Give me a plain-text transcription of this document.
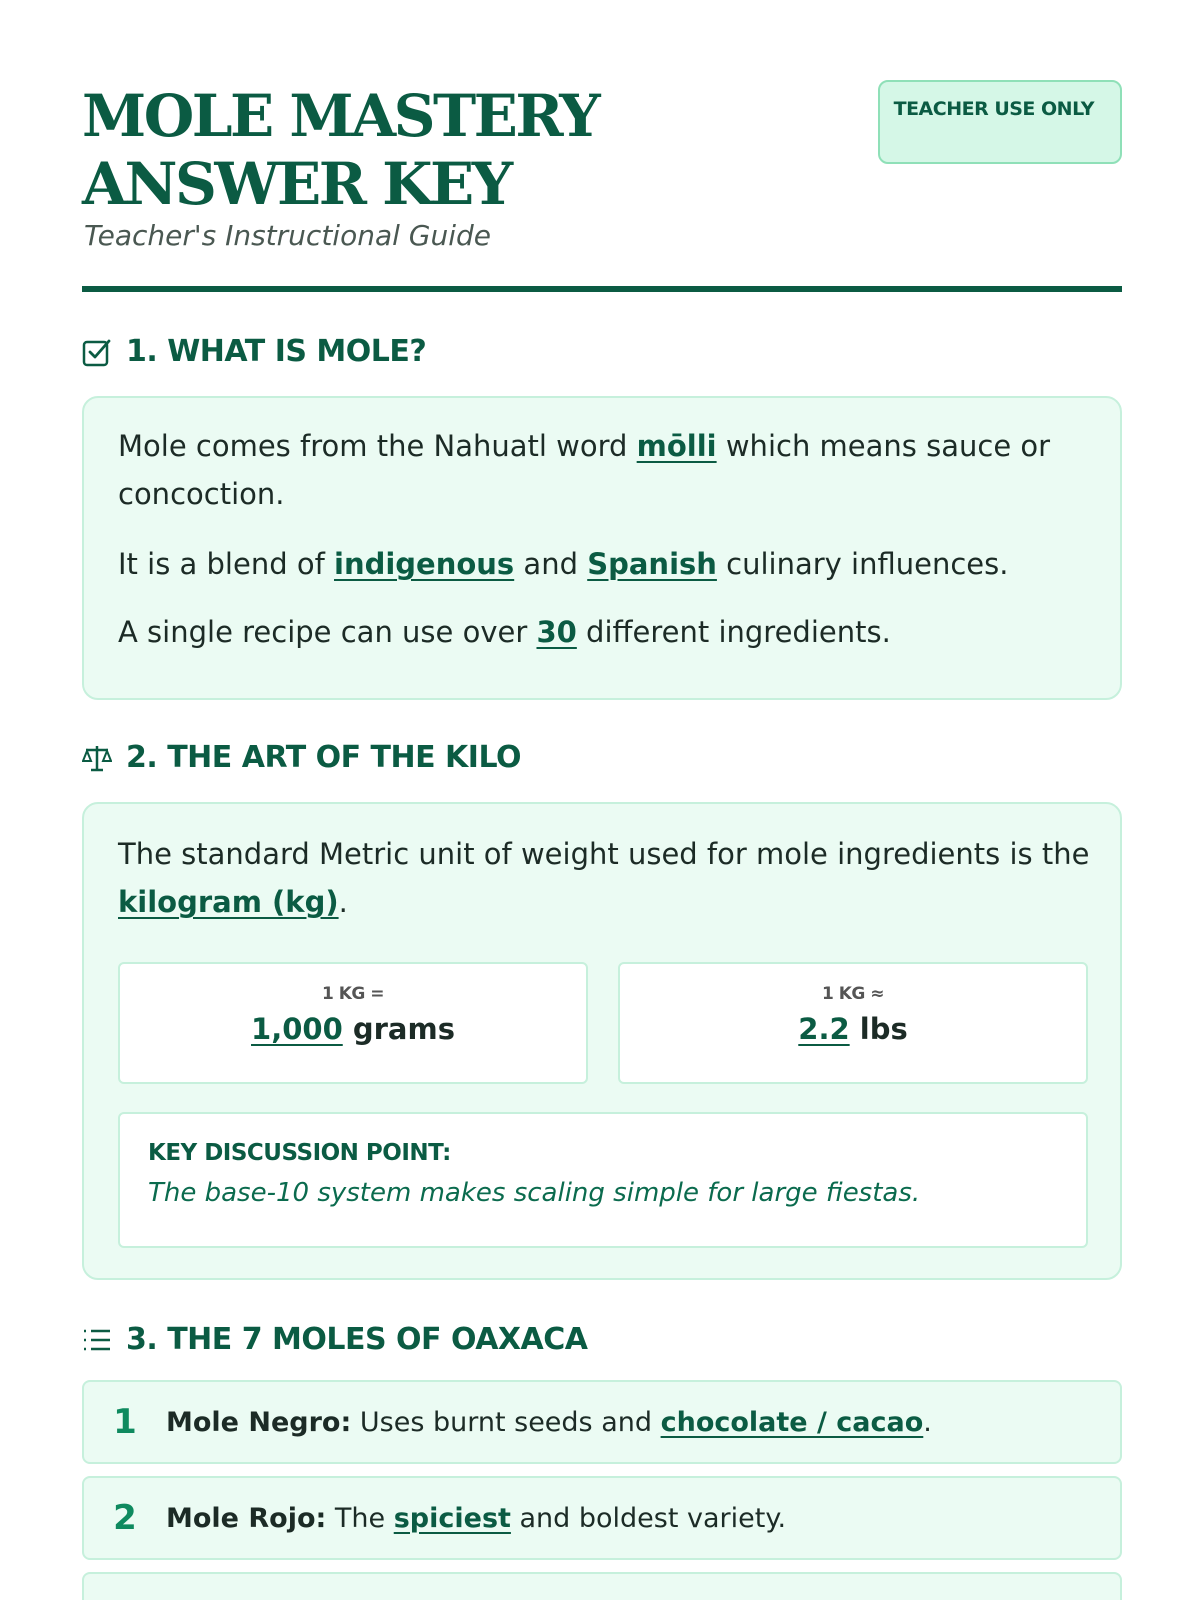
MOLE MASTERY ANSWER KEY
Teacher's Instructional Guide
TEACHER USE ONLY
1. WHAT IS MOLE?
Mole comes from the Nahuatl word mōlli which means sauce or concoction.
It is a blend of indigenous and Spanish culinary influences.
A single recipe can use over 30 different ingredients.
2. THE ART OF THE KILO
The standard Metric unit of weight used for mole ingredients is the kilogram (kg).
1 KG =
1,000 grams
1 KG ≈
2.2 lbs
KEY DISCUSSION POINT:
The base-10 system makes scaling simple for large fiestas.
3. THE 7 MOLES OF OAXACA
1	Mole Negro: Uses burnt seeds and chocolate / cacao.
2	Mole Rojo: The spiciest and boldest variety.
